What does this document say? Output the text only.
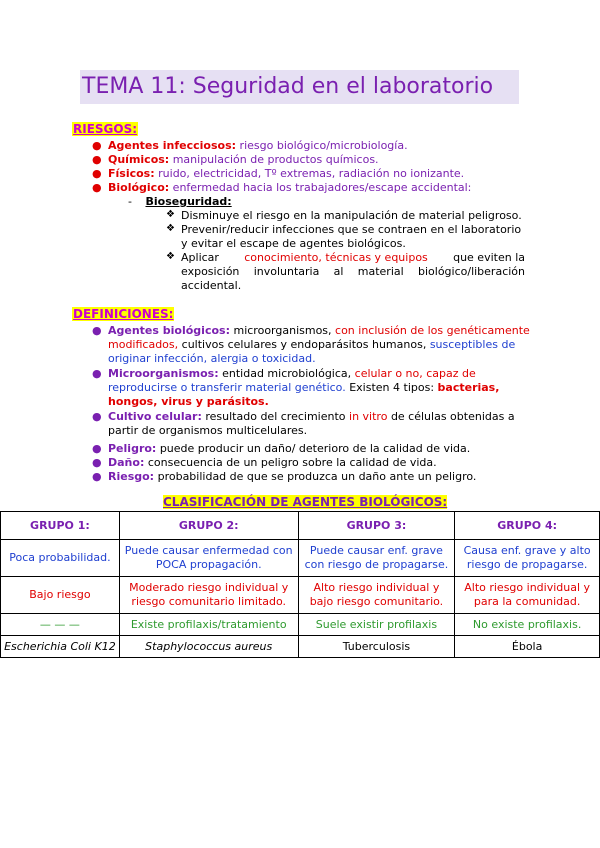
TEMA 11: Seguridad en el laboratorio
RIESGOS:
● Agentes infecciosos: riesgo biológico/microbiología.
● Químicos: manipulación de productos químicos.
● Físicos: ruido, electricidad, Tº extremas, radiación no ionizante.
● Biológico: enfermedad hacia los trabajadores/escape accidental:
- Bioseguridad:
❖ Disminuye el riesgo en la manipulación de material peligroso.
❖ Prevenir/reducir infecciones que se contraen en el laboratorio
y evitar el escape de agentes biológicos.
❖ Aplicar conocimiento, técnicas y equipos que eviten la
exposición involuntaria al material biológico/liberación
accidental.
DEFINICIONES:
● Agentes biológicos: microorganismos, con inclusión de los genéticamente
modificados, cultivos celulares y endoparásitos humanos, susceptibles de
originar infección, alergia o toxicidad.
● Microorganismos: entidad microbiológica, celular o no, capaz de
reproducirse o transferir material genético. Existen 4 tipos: bacterias,
hongos, virus y parásitos.
● Cultivo celular: resultado del crecimiento in vitro de células obtenidas a
partir de organismos multicelulares.
● Peligro: puede producir un daño/ deterioro de la calidad de vida.
● Daño: consecuencia de un peligro sobre la calidad de vida.
● Riesgo: probabilidad de que se produzca un daño ante un peligro.
CLASIFICACIÓN DE AGENTES BIOLÓGICOS:
GRUPO 1:	GRUPO 2:	GRUPO 3:	GRUPO 4:
Poca probabilidad.	Puede causar enfermedad con POCA propagación.	Puede causar enf. grave con riesgo de propagarse.	Causa enf. grave y alto riesgo de propagarse.
Bajo riesgo	Moderado riesgo individual y riesgo comunitario limitado.	Alto riesgo individual y bajo riesgo comunitario.	Alto riesgo individual y para la comunidad.
— — —	Existe profilaxis/tratamiento	Suele existir profilaxis	No existe profilaxis.
Escherichia Coli K12	Staphylococcus aureus	Tuberculosis	Ébola
